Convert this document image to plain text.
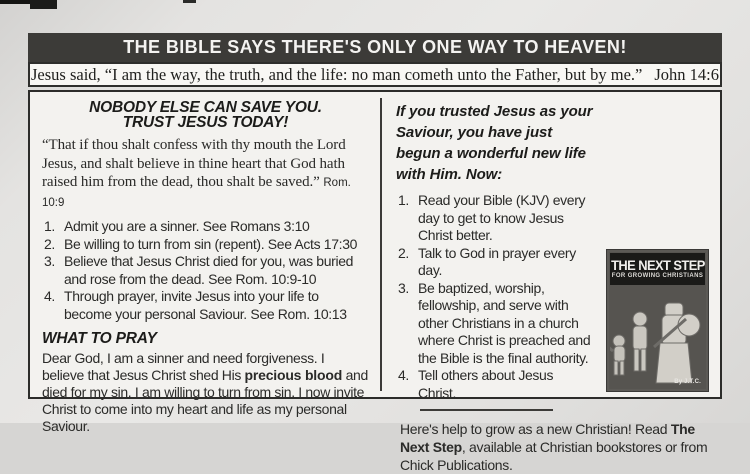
THE BIBLE SAYS THERE'S ONLY ONE WAY TO HEAVEN!
Jesus said, “I am the way, the truth, and the life: no man cometh unto the Father, but by me.” John 14:6
NOBODY ELSE CAN SAVE YOU.
TRUST JESUS TODAY!
“That if thou shalt confess with thy mouth the Lord Jesus, and shalt believe in thine heart that God hath raised him from the dead, thou shalt be saved.” Rom. 10:9
1. Admit you are a sinner. See Romans 3:10
2. Be willing to turn from sin (repent). See Acts 17:30
3. Believe that Jesus Christ died for you, was buried and rose from the dead. See Rom. 10:9-10
4. Through prayer, invite Jesus into your life to become your personal Saviour. See Rom. 10:13
WHAT TO PRAY
Dear God, I am a sinner and need forgiveness. I believe that Jesus Christ shed His precious blood and died for my sin. I am willing to turn from sin. I now invite Christ to come into my heart and life as my personal Saviour.
THE NEXT STEP
FOR GROWING CHRISTIANS
By J.T.C.
If you trusted Jesus as your Saviour, you have just begun a wonderful new life with Him. Now:
1. Read your Bible (KJV) every day to get to know Jesus Christ better.
2. Talk to God in prayer every day.
3. Be baptized, worship, fellowship, and serve with other Christians in a church where Christ is preached and the Bible is the final authority.
4. Tell others about Jesus Christ.
Here's help to grow as a new Christian! Read The Next Step, available at Christian bookstores or from Chick Publications.
